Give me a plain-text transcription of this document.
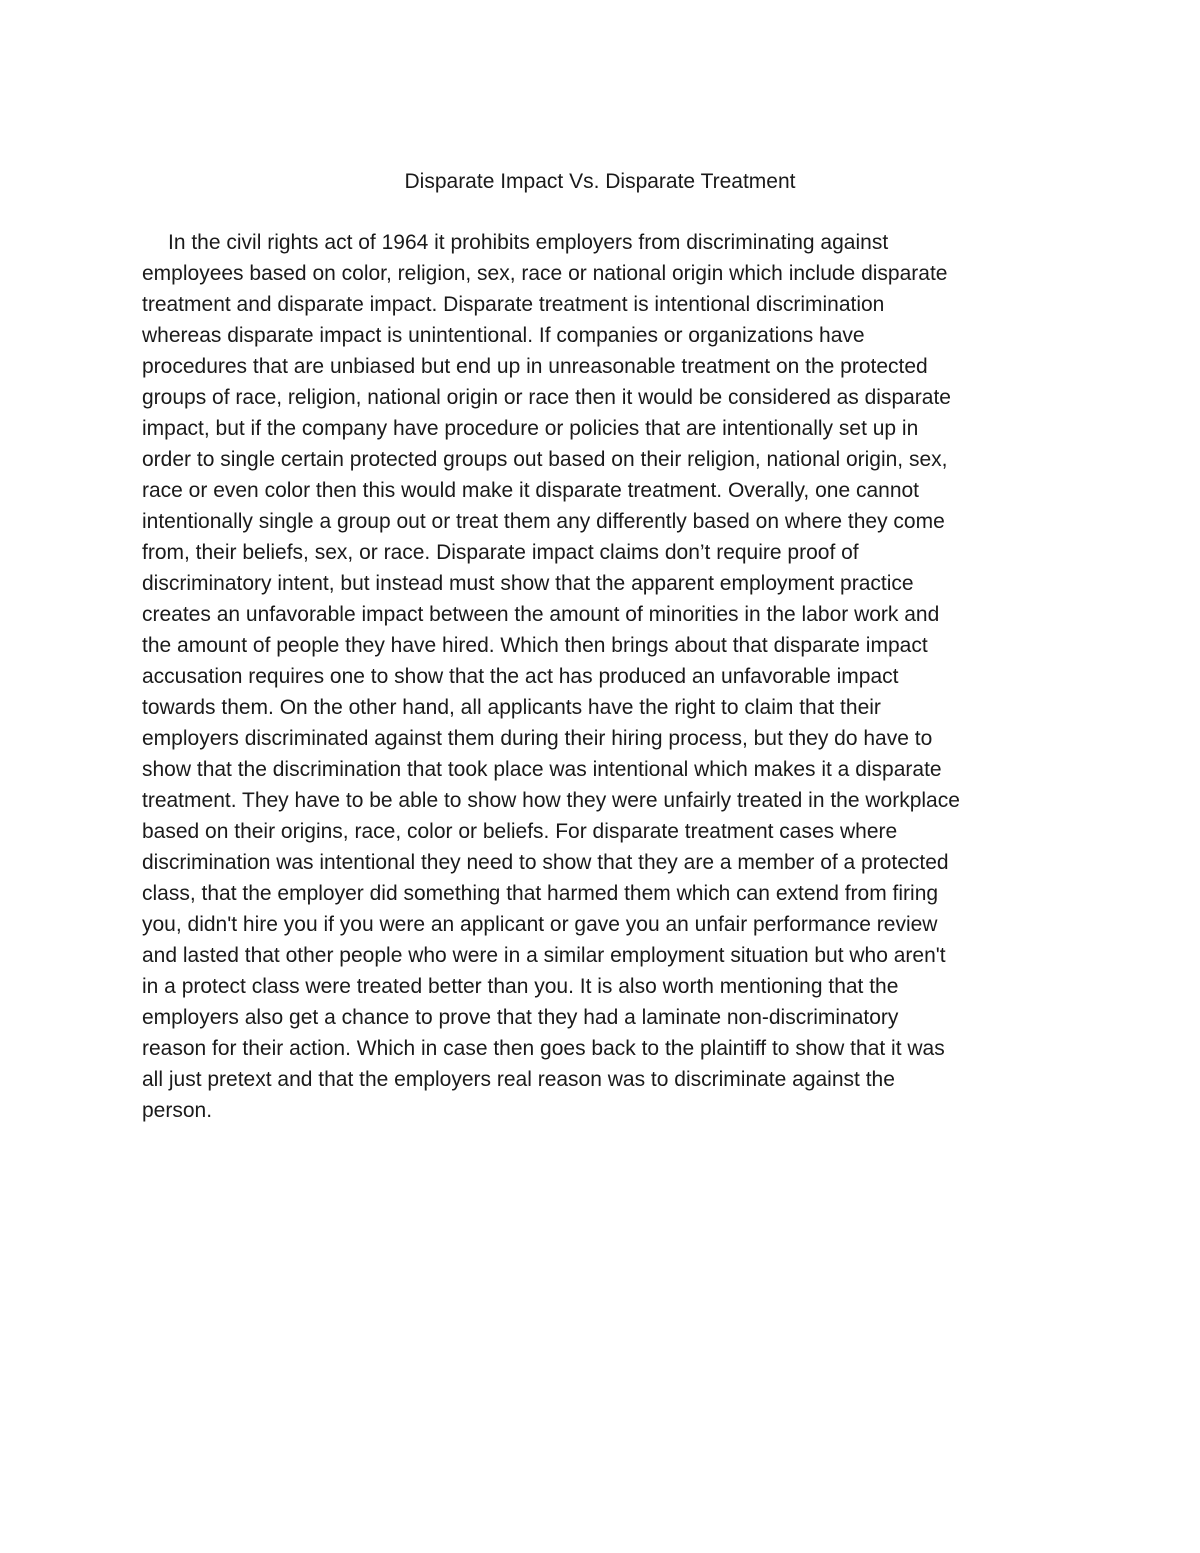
Disparate Impact Vs. Disparate Treatment
In the civil rights act of 1964 it prohibits employers from discriminating against
employees based on color, religion, sex, race or national origin which include disparate
treatment and disparate impact. Disparate treatment is intentional discrimination
whereas disparate impact is unintentional. If companies or organizations have
procedures that are unbiased but end up in unreasonable treatment on the protected
groups of race, religion, national origin or race then it would be considered as disparate
impact, but if the company have procedure or policies that are intentionally set up in
order to single certain protected groups out based on their religion, national origin, sex,
race or even color then this would make it disparate treatment. Overally, one cannot
intentionally single a group out or treat them any differently based on where they come
from, their beliefs, sex, or race. Disparate impact claims don’t require proof of
discriminatory intent, but instead must show that the apparent employment practice
creates an unfavorable impact between the amount of minorities in the labor work and
the amount of people they have hired. Which then brings about that disparate impact
accusation requires one to show that the act has produced an unfavorable impact
towards them. On the other hand, all applicants have the right to claim that their
employers discriminated against them during their hiring process, but they do have to
show that the discrimination that took place was intentional which makes it a disparate
treatment. They have to be able to show how they were unfairly treated in the workplace
based on their origins, race, color or beliefs. For disparate treatment cases where
discrimination was intentional they need to show that they are a member of a protected
class, that the employer did something that harmed them which can extend from firing
you, didn't hire you if you were an applicant or gave you an unfair performance review
and lasted that other people who were in a similar employment situation but who aren't
in a protect class were treated better than you. It is also worth mentioning that the
employers also get a chance to prove that they had a laminate non-discriminatory
reason for their action. Which in case then goes back to the plaintiff to show that it was
all just pretext and that the employers real reason was to discriminate against the
person.
